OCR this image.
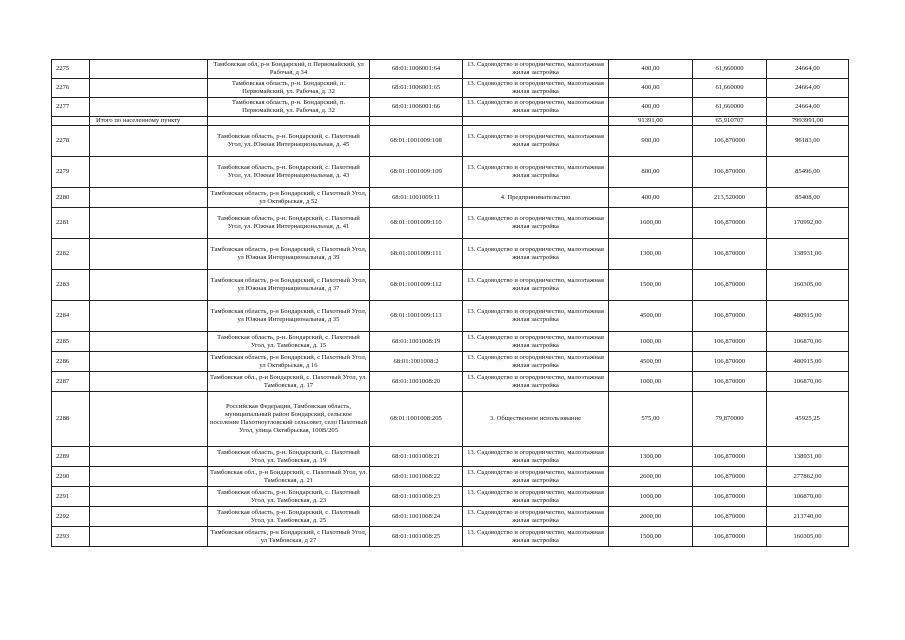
2275		Тамбовская обл, р-н Бондарский, п Первомайский, ул Рабочая, д 34	68:01:1006001:64	13. Садоводство и огородничество, малоэтажная жилая застройка	400,00	61,660000	24664,00
2276		Тамбовская область, р-н. Бондарский, п. Первомайский, ул. Рабочая, д. 32	68:01:1006001:65	13. Садоводство и огородничество, малоэтажная жилая застройка	400,00	61,660000	24664,00
2277		Тамбовская область, р-н. Бондарский, п. Первомайский, ул. Рабочая, д. 32	68:01:1006001:66	13. Садоводство и огородничество, малоэтажная жилая застройка	400,00	61,660000	24664,00
	Итого по населенному пункту				91391,00	65,910707	7993991,00
2278		Тамбовская область, р-н. Бондарский, с. Пахотный Угол, ул. Южная Интернациональная, д. 45	68:01:1001009:108	13. Садоводство и огородничество, малоэтажная жилая застройка	900,00	106,870000	96183,00
2279		Тамбовская область, р-н. Бондарский, с. Пахотный Угол, ул. Южная Интернациональная, д. 43	68:01:1001009:109	13. Садоводство и огородничество, малоэтажная жилая застройка	800,00	106,870000	85496,00
2280		Тамбовская область, р-н Бондарский, с Пахотный Угол, ул Октябрьская, д 52	68:01:1001009:11	4. Предпринимательство	400,00	213,520000	85408,00
2281		Тамбовская область, р-н. Бондарский, с. Пахотный Угол, ул. Южная Интернациональная, д. 41	68:01:1001009:110	13. Садоводство и огородничество, малоэтажная жилая застройка	1600,00	106,870000	170992,00
2282		Тамбовская область, р-н Бондарский, с Пахотный Угол, ул Южная Интернациональная, д 39	68:01:1001009:111	13. Садоводство и огородничество, малоэтажная жилая застройка	1300,00	106,870000	138931,00
2283		Тамбовская область, р-н Бондарский, с Пахотный Угол, ул Южная Интернациональная, д 37	68:01:1001009:112	13. Садоводство и огородничество, малоэтажная жилая застройка	1500,00	106,870000	160305,00
2284		Тамбовская область, р-н Бондарский, с Пахотный Угол, ул Южная Интернациональная, д 35	68:01:1001009:113	13. Садоводство и огородничество, малоэтажная жилая застройка	4500,00	106,870000	480915,00
2285		Тамбовская область, р-н. Бондарский, с. Пахотный Угол, ул. Тамбовская, д. 15	68:01:1001008:19	13. Садоводство и огородничество, малоэтажная жилая застройка	1000,00	106,870000	106870,00
2286		Тамбовская область, р-н Бондарский, с Пахотный Угол, ул Октябрьская, д 16	68:01:1001008:2	13. Садоводство и огородничество, малоэтажная жилая застройка	4500,00	106,870000	480915,00
2287		Тамбовская обл., р-н Бондарский, с. Пахотный Угол, ул. Тамбовская, д. 17	68:01:1001008:20	13. Садоводство и огородничество, малоэтажная жилая застройка	1000,00	106,870000	106870,00
2288		Российская Федерация, Тамбовская область, муниципальный район Бондарский, сельское поселение Пахотноугловский сельсовет, село Пахотный Угол, улица Октябрьская, 100В/205	68:01:1001008:205	3. Общественное использование	575,00	79,870000	45925,25
2289		Тамбовская область, р-н. Бондарский, с. Пахотный Угол, ул. Тамбовская, д. 19	68:01:1001008:21	13. Садоводство и огородничество, малоэтажная жилая застройка	1300,00	106,870000	138931,00
2290		Тамбовская обл., р-н Бондарский, с. Пахотный Угол, ул. Тамбовская, д. 21	68:01:1001008:22	13. Садоводство и огородничество, малоэтажная жилая застройка	2600,00	106,870000	277862,00
2291		Тамбовская область, р-н. Бондарский, с. Пахотный Угол, ул. Тамбовская, д. 23	68:01:1001008:23	13. Садоводство и огородничество, малоэтажная жилая застройка	1000,00	106,870000	106870,00
2292		Тамбовская область, р-н. Бондарский, с. Пахотный Угол, ул. Тамбовская, д. 25	68:01:1001008:24	13. Садоводство и огородничество, малоэтажная жилая застройка	2000,00	106,870000	213740,00
2293		Тамбовская область, р-н Бондарский, с Пахотный Угол, ул Тамбовская, д 27	68:01:1001008:25	13. Садоводство и огородничество, малоэтажная жилая застройка	1500,00	106,870000	160305,00
